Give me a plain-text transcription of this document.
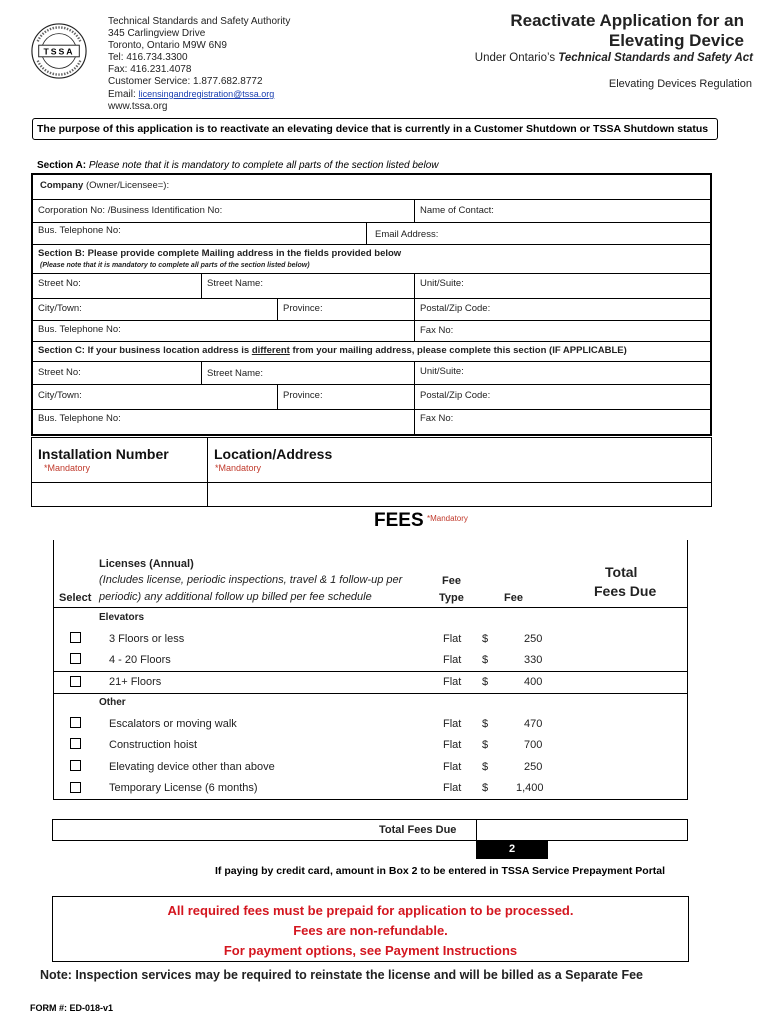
TSSA
Technical Standards and Safety Authority
345 Carlingview Drive
Toronto, Ontario M9W 6N9
Tel: 416.734.3300
Fax: 416.231.4078
Customer Service: 1.877.682.8772
Email: licensingandregistration@tssa.org
www.tssa.org
Reactivate Application for an
Elevating Device
Under Ontario’s Technical Standards and Safety Act
Elevating Devices Regulation
The purpose of this application is to reactivate an elevating device that is currently in a Customer Shutdown or TSSA Shutdown status
Section A: Please note that it is mandatory to complete all parts of the section listed below
Company (Owner/Licensee=):
Corporation No: /Business Identification No:	Name of Contact:
Bus. Telephone No:	Email Address:
Section B: Please provide complete Mailing address in the fields provided below
(Please note that it is mandatory to complete all parts of the section listed below)
Street No:	Street Name:	Unit/Suite:
City/Town:	Province:	Postal/Zip Code:
Bus. Telephone No:	Fax No:
Section C: If your business location address is different from your mailing address, please complete this section (IF APPLICABLE)
Street No:	Street Name:	Unit/Suite:
City/Town:	Province:	Postal/Zip Code:
Bus. Telephone No:	Fax No:
Installation Number
*Mandatory
Location/Address
*Mandatory
FEES *Mandatory
Licenses (Annual)
(Includes license, periodic inspections, travel & 1 follow-up per
periodic) any additional follow up billed per fee schedule
Select
Fee
Type	Fee
Total
Fees Due
Elevators
Other
3 Floors or less	Flat $	250
4 - 20 Floors	Flat $	330
21+ Floors	Flat $	400
Escalators or moving walk	Flat $	470
Construction hoist	Flat $	700
Elevating device other than above	Flat $	250
Temporary License (6 months)	Flat $	1,400
Total Fees Due
2
If paying by credit card, amount in Box 2 to be entered in TSSA Service Prepayment Portal
All required fees must be prepaid for application to be processed.
Fees are non-refundable.
For payment options, see Payment Instructions
Note: Inspection services may be required to reinstate the license and will be billed as a Separate Fee
FORM #: ED-018-v1
